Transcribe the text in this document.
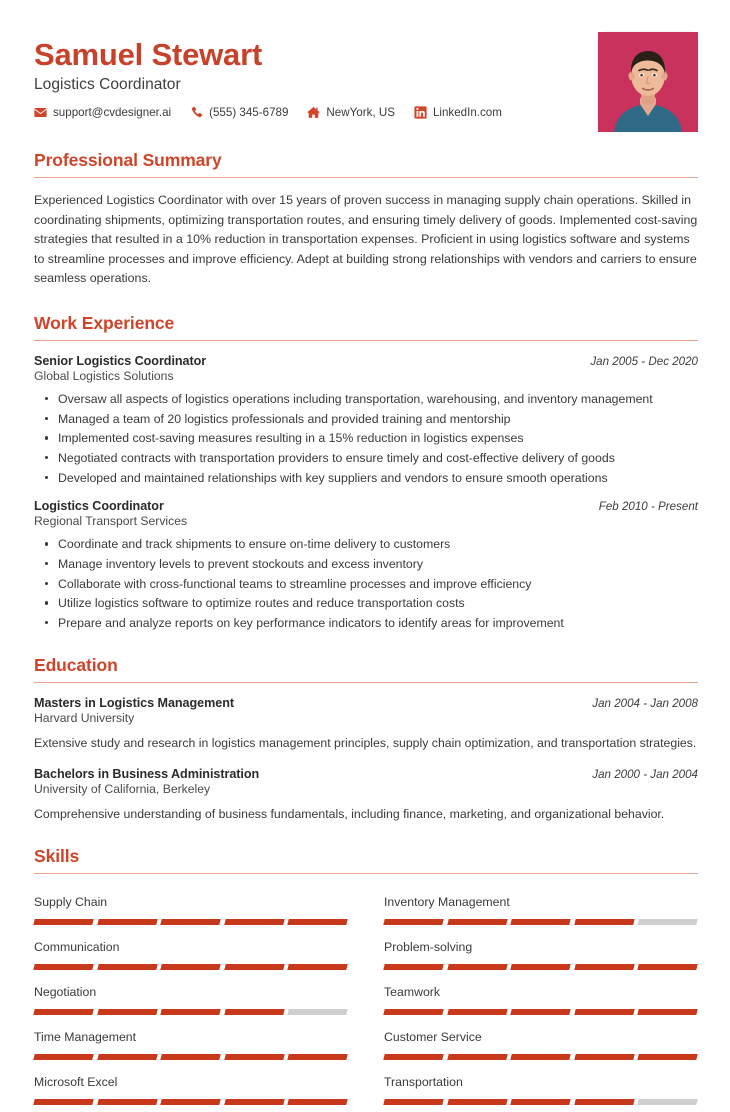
Samuel Stewart
Logistics Coordinator
support@cvdesigner.ai	(555) 345-6789	NewYork, US	LinkedIn.com
Professional Summary

Experienced Logistics Coordinator with over 15 years of proven success in managing supply chain operations. Skilled in coordinating shipments, optimizing transportation routes, and ensuring timely delivery of goods. Implemented cost-saving strategies that resulted in a 10% reduction in transportation expenses. Proficient in using logistics software and systems to streamline processes and improve efficiency. Adept at building strong relationships with vendors and carriers to ensure seamless operations.

Work Experience
Senior Logistics Coordinator	Jan 2005 - Dec 2020
Global Logistics Solutions
Oversaw all aspects of logistics operations including transportation, warehousing, and inventory management
Managed a team of 20 logistics professionals and provided training and mentorship
Implemented cost-saving measures resulting in a 15% reduction in logistics expenses
Negotiated contracts with transportation providers to ensure timely and cost-effective delivery of goods
Developed and maintained relationships with key suppliers and vendors to ensure smooth operations
Logistics Coordinator	Feb 2010 - Present
Regional Transport Services
Coordinate and track shipments to ensure on-time delivery to customers
Manage inventory levels to prevent stockouts and excess inventory
Collaborate with cross-functional teams to streamline processes and improve efficiency
Utilize logistics software to optimize routes and reduce transportation costs
Prepare and analyze reports on key performance indicators to identify areas for improvement
Education
Masters in Logistics Management	Jan 2004 - Jan 2008
Harvard University

Extensive study and research in logistics management principles, supply chain optimization, and transportation strategies.

Bachelors in Business Administration	Jan 2000 - Jan 2004
University of California, Berkeley

Comprehensive understanding of business fundamentals, including finance, marketing, and organizational behavior.

Skills
Supply Chain	Inventory Management
Communication	Problem-solving
Negotiation	Teamwork
Time Management	Customer Service
Microsoft Excel	Transportation
